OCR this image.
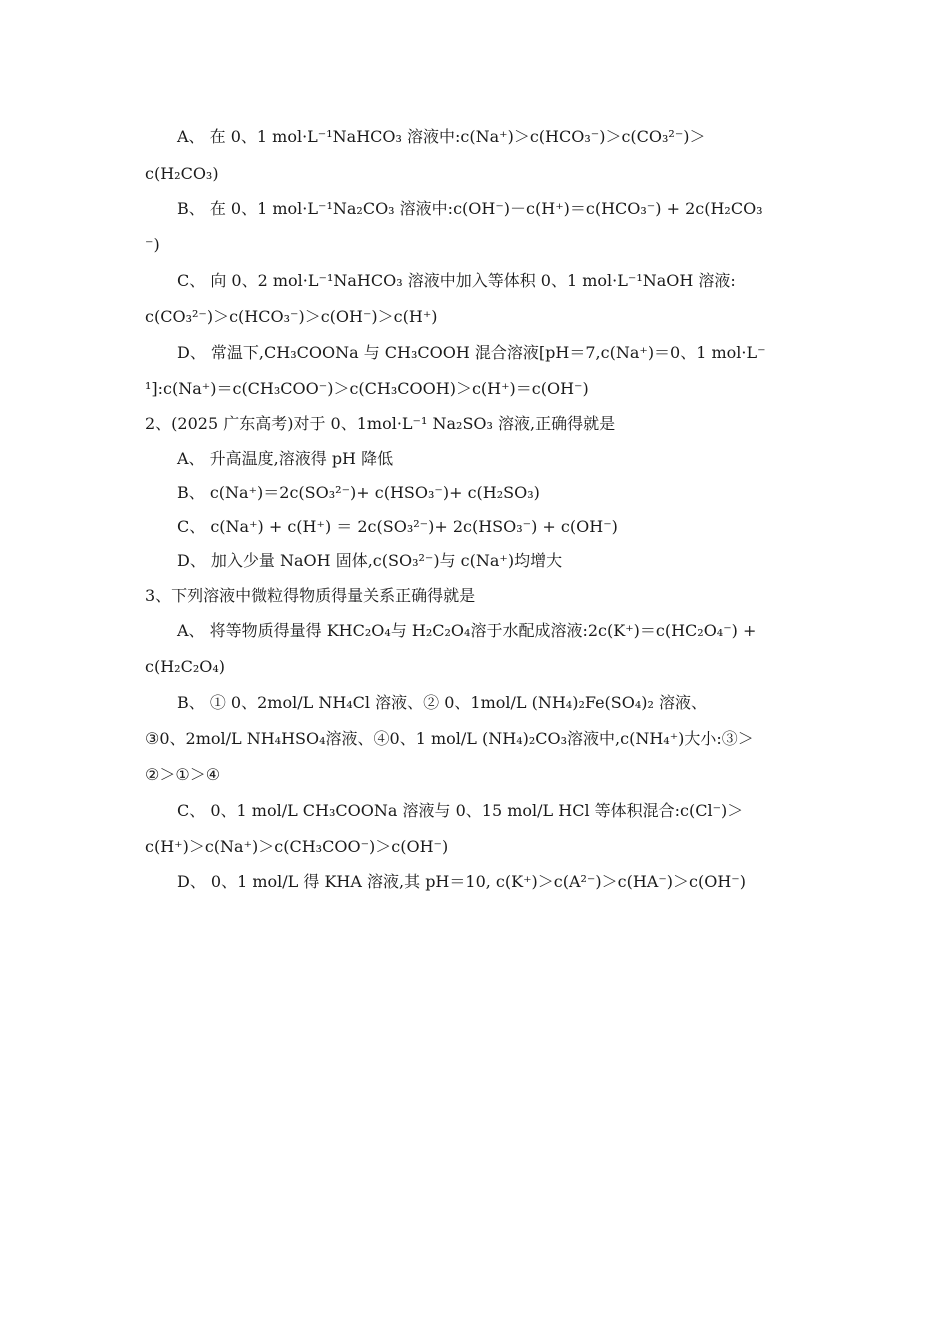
A、 在 0、1 mol·L⁻¹NaHCO₃ 溶液中:c(Na⁺)＞c(HCO₃⁻)＞c(CO₃²⁻)＞
c(H₂CO₃)
B、 在 0、1 mol·L⁻¹Na₂CO₃ 溶液中:c(OH⁻)－c(H⁺)＝c(HCO₃⁻) + 2c(H₂CO₃
⁻)
C、 向 0、2 mol·L⁻¹NaHCO₃ 溶液中加入等体积 0、1 mol·L⁻¹NaOH 溶液:
c(CO₃²⁻)＞c(HCO₃⁻)＞c(OH⁻)＞c(H⁺)
D、 常温下,CH₃COONa 与 CH₃COOH 混合溶液[pH＝7,c(Na⁺)＝0、1 mol·L⁻
¹]:c(Na⁺)＝c(CH₃COO⁻)＞c(CH₃COOH)＞c(H⁺)＝c(OH⁻)
2、(2025 广东高考)对于 0、1mol·L⁻¹ Na₂SO₃ 溶液,正确得就是
A、 升高温度,溶液得 pH 降低
B、 c(Na⁺)＝2c(SO₃²⁻)+ c(HSO₃⁻)+ c(H₂SO₃)
C、 c(Na⁺) + c(H⁺) ＝ 2c(SO₃²⁻)+ 2c(HSO₃⁻) + c(OH⁻)
D、 加入少量 NaOH 固体,c(SO₃²⁻)与 c(Na⁺)均增大
3、下列溶液中微粒得物质得量关系正确得就是
A、 将等物质得量得 KHC₂O₄与 H₂C₂O₄溶于水配成溶液:2c(K⁺)＝c(HC₂O₄⁻) +
c(H₂C₂O₄)
B、 ① 0、2mol/L NH₄Cl 溶液、② 0、1mol/L (NH₄)₂Fe(SO₄)₂ 溶液、
③0、2mol/L NH₄HSO₄溶液、④0、1 mol/L (NH₄)₂CO₃溶液中,c(NH₄⁺)大小:③＞
②＞①＞④
C、 0、1 mol/L CH₃COONa 溶液与 0、15 mol/L HCl 等体积混合:c(Cl⁻)＞
c(H⁺)＞c(Na⁺)＞c(CH₃COO⁻)＞c(OH⁻)
D、 0、1 mol/L 得 KHA 溶液,其 pH＝10, c(K⁺)＞c(A²⁻)＞c(HA⁻)＞c(OH⁻)
